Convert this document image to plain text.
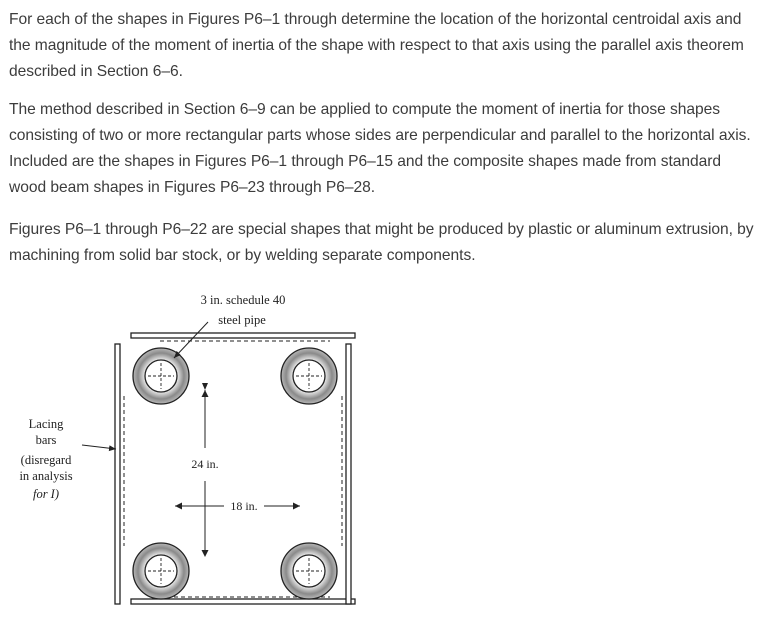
For each of the shapes in Figures P6–1 through determine the location of the horizontal centroidal axis and the magnitude of the moment of inertia of the shape with respect to that axis using the parallel axis theorem described in Section 6–6.

The method described in Section 6–9 can be applied to compute the moment of inertia for those shapes consisting of two or more rectangular parts whose sides are perpendicular and parallel to the horizontal axis. Included are the shapes in Figures P6–1 through P6–15 and the composite shapes made from standard wood beam shapes in Figures P6–23 through P6–28.

Figures P6–1 through P6–22 are special shapes that might be produced by plastic or aluminum extrusion, by machining from solid bar stock, or by welding separate components.

3 in. schedule 40
steel pipe
Lacing
bars
(disregard
in analysis
for I)
24 in.
18 in.
